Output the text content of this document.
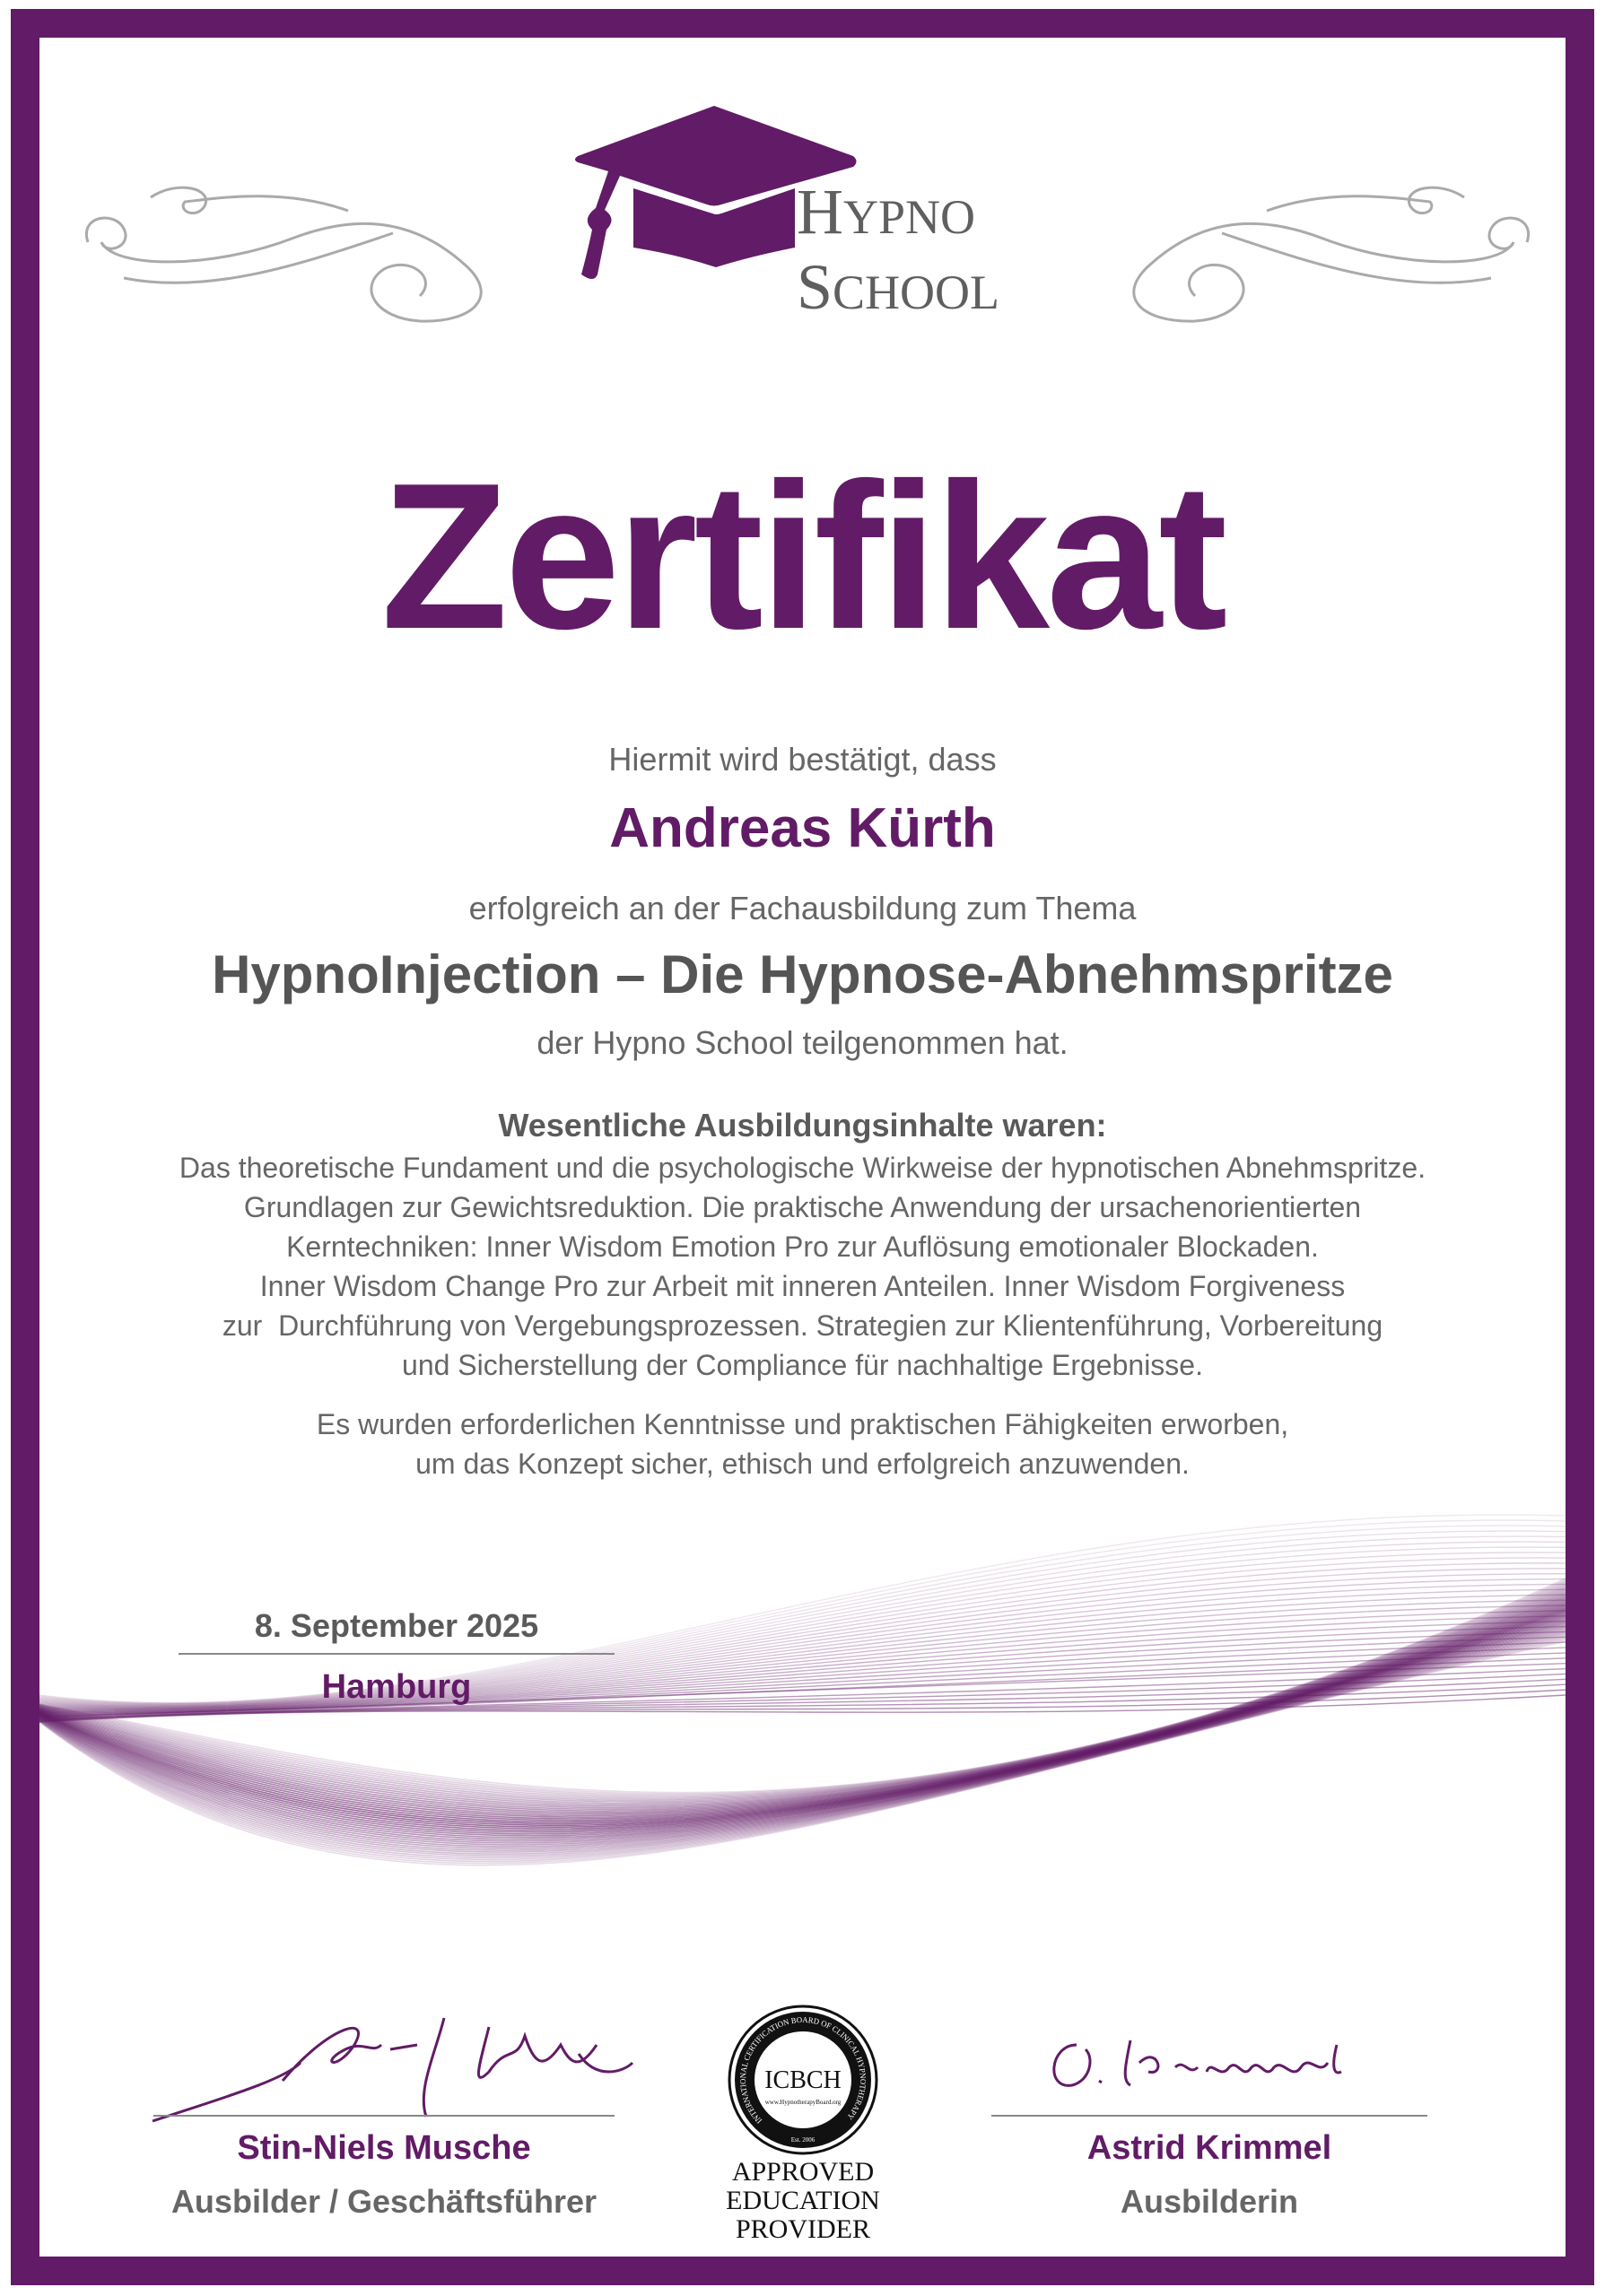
HYPNO
SCHOOL
Zertifikat
Hiermit wird bestätigt, dass
Andreas Kürth
erfolgreich an der Fachausbildung zum Thema
HypnoInjection – Die Hypnose-Abnehmspritze
der Hypno School teilgenommen hat.
Wesentliche Ausbildungsinhalte waren:
Das theoretische Fundament und die psychologische Wirkweise der hypnotischen Abnehmspritze.
Grundlagen zur Gewichtsreduktion. Die praktische Anwendung der ursachenorientierten
Kerntechniken: Inner Wisdom Emotion Pro zur Auflösung emotionaler Blockaden.
Inner Wisdom Change Pro zur Arbeit mit inneren Anteilen. Inner Wisdom Forgiveness
zur  Durchführung von Vergebungsprozessen. Strategien zur Klientenführung, Vorbereitung
und Sicherstellung der Compliance für nachhaltige Ergebnisse.
Es wurden erforderlichen Kenntnisse und praktischen Fähigkeiten erworben,
um das Konzept sicher, ethisch und erfolgreich anzuwenden.
8. September 2025
Hamburg
Stin-Niels Musche
Ausbilder / Geschäftsführer
Astrid Krimmel
Ausbilderin
INTERNATIONAL CERTIFICATION BOARD OF CLINICAL HYPNOTHERAPY
ICBCH
www.HypnotherapyBoard.org
Est. 2006
APPROVED
EDUCATION
PROVIDER
